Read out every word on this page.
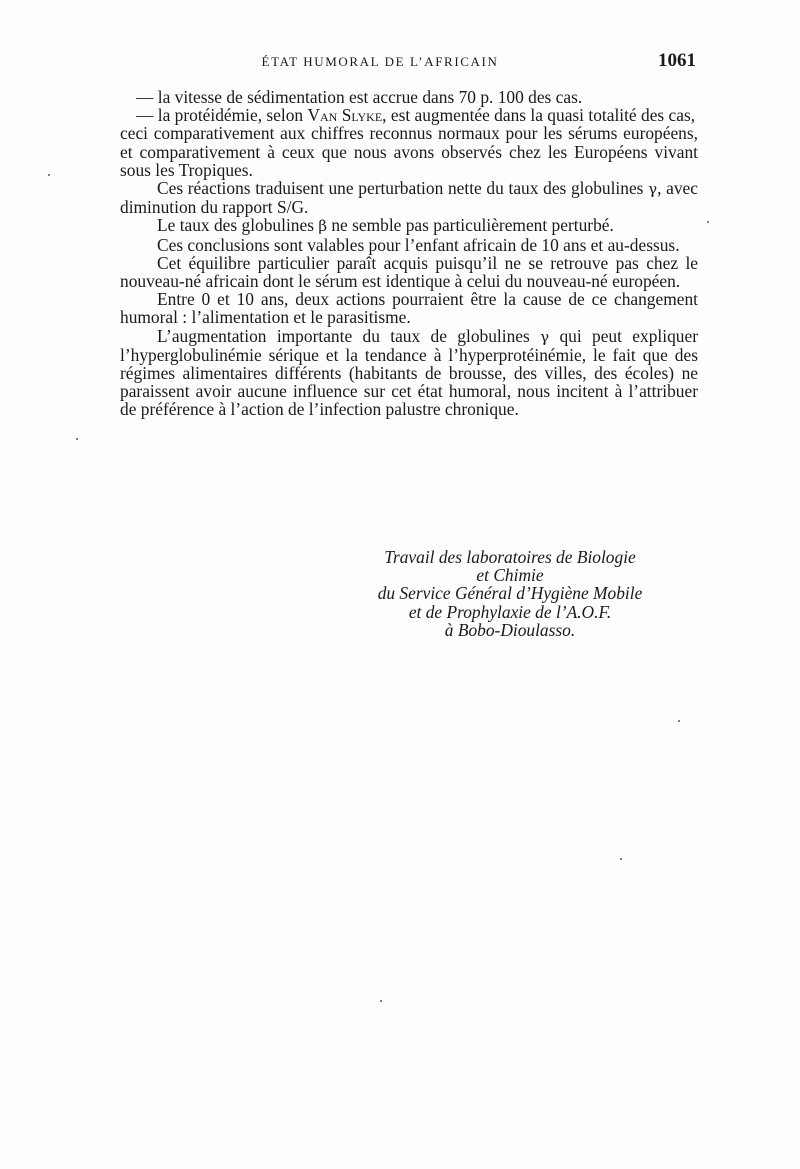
ÉTAT HUMORAL DE L’AFRICAIN	1061

— la vitesse de sédimentation est accrue dans 70 p. 100 des cas.

— la protéidémie, selon Van Slyke, est augmentée dans la quasi totalité des cas,

ceci comparativement aux chiffres reconnus normaux pour les sérums européens, et comparativement à ceux que nous avons observés chez les Européens vivant sous les Tropiques.

Ces réactions traduisent une perturbation nette du taux des globulines γ, avec diminution du rapport S/G.

Le taux des globulines β ne semble pas particulièrement perturbé.

Ces conclusions sont valables pour l’enfant africain de 10 ans et au-dessus.

Cet équilibre particulier paraît acquis puisqu’il ne se retrouve pas chez le nouveau-né africain dont le sérum est identique à celui du nouveau-né européen.

Entre 0 et 10 ans, deux actions pourraient être la cause de ce changement humoral : l’alimentation et le parasitisme.

L’augmentation importante du taux de globulines γ qui peut expliquer l’hyperglobulinémie sérique et la tendance à l’hyperprotéinémie, le fait que des régimes alimentaires différents (habitants de brousse, des villes, des écoles) ne paraissent avoir aucune influence sur cet état humoral, nous incitent à l’attribuer de préférence à l’action de l’infection palustre chronique.

Travail des laboratoires de Biologie
et Chimie
du Service Général d’Hygiène Mobile
et de Prophylaxie de l’A.O.F.
à Bobo-Dioulasso.
